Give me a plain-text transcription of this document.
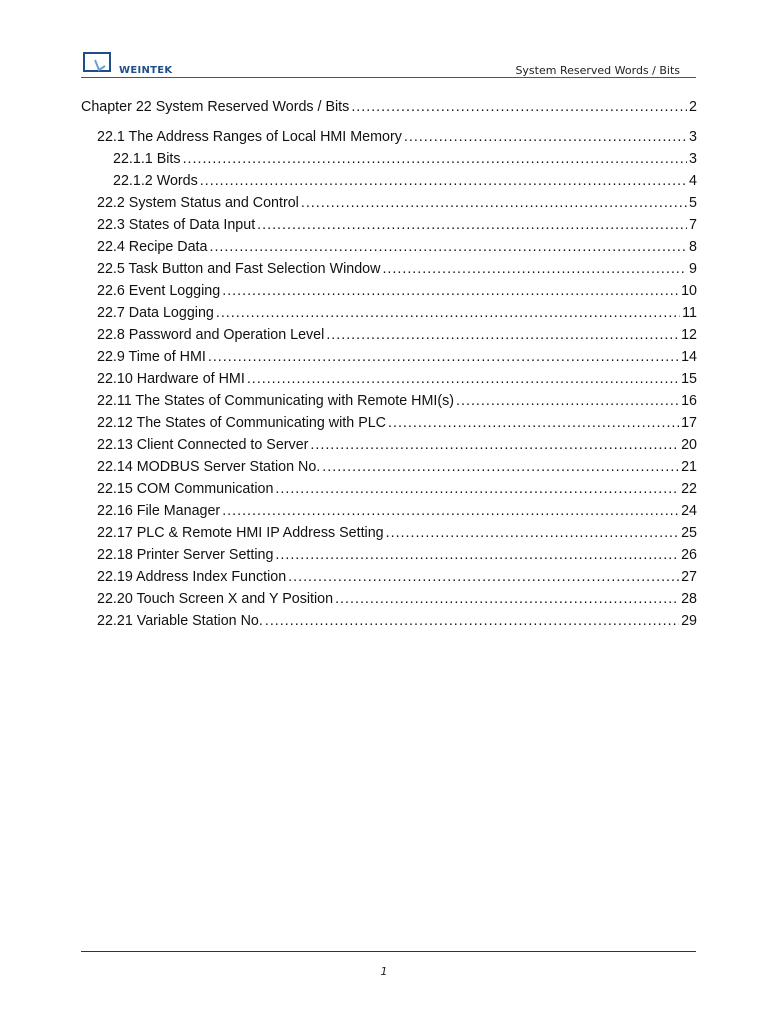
WEINTEK	System Reserved Words / Bits
Chapter 22 System Reserved Words / Bits .....	2
22.1 The Address Ranges of Local HMI Memory .....	3
22.1.1 Bits .....	3
22.1.2 Words .....	4
22.2 System Status and Control .....	5
22.3 States of Data Input .....	7
22.4 Recipe Data .....	8
22.5 Task Button and Fast Selection Window .....	9
22.6 Event Logging .....	10
22.7 Data Logging .....	11
22.8 Password and Operation Level .....	12
22.9 Time of HMI .....	14
22.10 Hardware of HMI .....	15
22.11 The States of Communicating with Remote HMI(s) .....	16
22.12 The States of Communicating with PLC .....	17
22.13 Client Connected to Server .....	20
22.14 MODBUS Server Station No. .....	21
22.15 COM Communication .....	22
22.16 File Manager .....	24
22.17 PLC & Remote HMI IP Address Setting .....	25
22.18 Printer Server Setting .....	26
22.19 Address Index Function .....	27
22.20 Touch Screen X and Y Position .....	28
22.21 Variable Station No. .....	29
1
